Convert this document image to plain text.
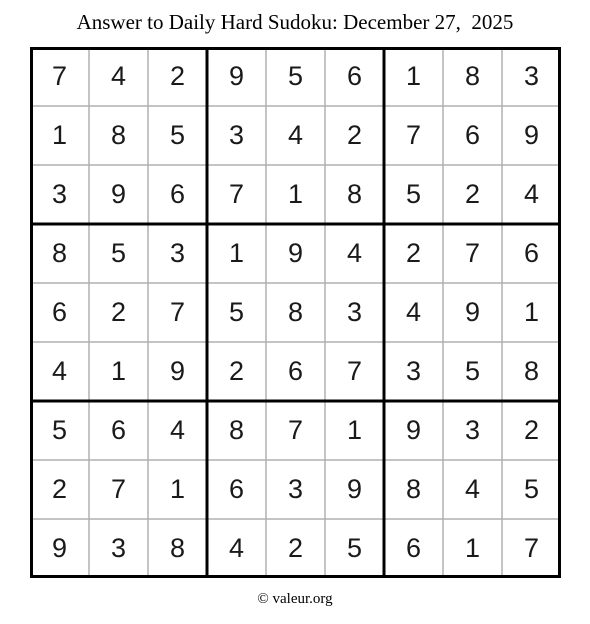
Answer to Daily Hard Sudoku: December 27,  2025
7	4	2	9	5	6	1	8	3
1	8	5	3	4	2	7	6	9
3	9	6	7	1	8	5	2	4
8	5	3	1	9	4	2	7	6
6	2	7	5	8	3	4	9	1
4	1	9	2	6	7	3	5	8
5	6	4	8	7	1	9	3	2
2	7	1	6	3	9	8	4	5
9	3	8	4	2	5	6	1	7
© valeur.org
